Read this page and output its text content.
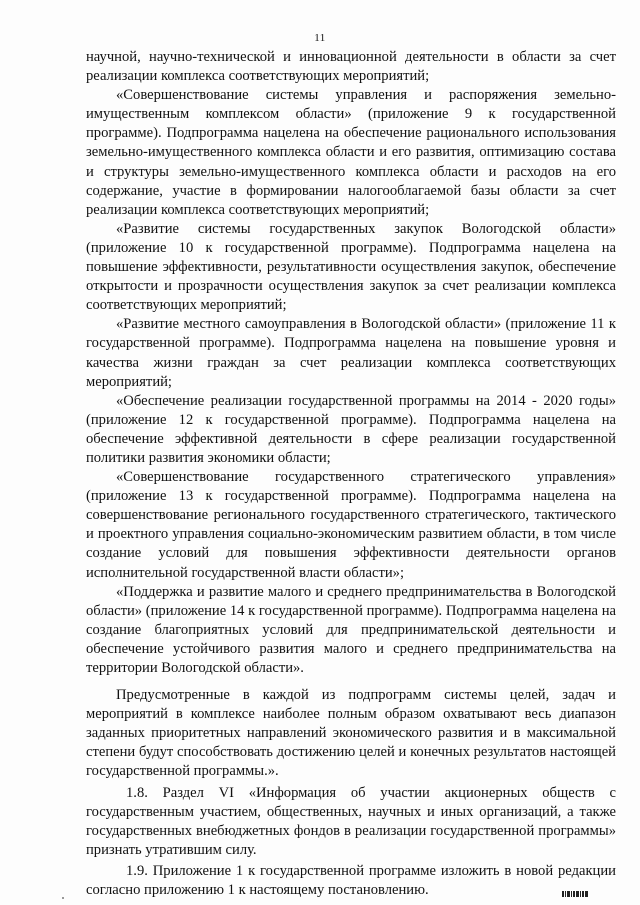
11

научной, научно-технической и инновационной деятельности в области за счет реализации комплекса соответствующих мероприятий;

«Совершенствование системы управления и распоряжения земельно-имущественным комплексом области» (приложение 9 к государственной программе). Подпрограмма нацелена на обеспечение рационального использования земельно-имущественного комплекса области и его развития, оптимизацию состава и структуры земельно-имущественного комплекса области и расходов на его содержание, участие в формировании налогооблагаемой базы области за счет реализации комплекса соответствующих мероприятий;

«Развитие системы государственных закупок Вологодской области» (приложение 10 к государственной программе). Подпрограмма нацелена на повышение эффективности, результативности осуществления закупок, обеспечение открытости и прозрачности осуществления закупок за счет реализации комплекса соответствующих мероприятий;

«Развитие местного самоуправления в Вологодской области» (приложение 11 к государственной программе). Подпрограмма нацелена на повышение уровня и качества жизни граждан за счет реализации комплекса соответствующих мероприятий;

«Обеспечение реализации государственной программы на 2014 - 2020 годы» (приложение 12 к государственной программе). Подпрограмма нацелена на обеспечение эффективной деятельности в сфере реализации государственной политики развития экономики области;

«Совершенствование государственного стратегического управления» (приложение 13 к государственной программе). Подпрограмма нацелена на совершенствование регионального государственного стратегического, тактического и проектного управления социально-экономическим развитием области, в том числе создание условий для повышения эффективности деятельности органов исполнительной государственной власти области»;

«Поддержка и развитие малого и среднего предпринимательства в Вологодской области» (приложение 14 к государственной программе). Подпрограмма нацелена на создание благоприятных условий для предпринимательской деятельности и обеспечение устойчивого развития малого и среднего предпринимательства на территории Вологодской области».

Предусмотренные в каждой из подпрограмм системы целей, задач и мероприятий в комплексе наиболее полным образом охватывают весь диапазон заданных приоритетных направлений экономического развития и в максимальной степени будут способствовать достижению целей и конечных результатов настоящей государственной программы.».

1.8. Раздел VI «Информация об участии акционерных обществ с государственным участием, общественных, научных и иных организаций, а также государственных внебюджетных фондов в реализации государственной программы» признать утратившим силу.

1.9. Приложение 1 к государственной программе изложить в новой редакции согласно приложению 1 к настоящему постановлению.
